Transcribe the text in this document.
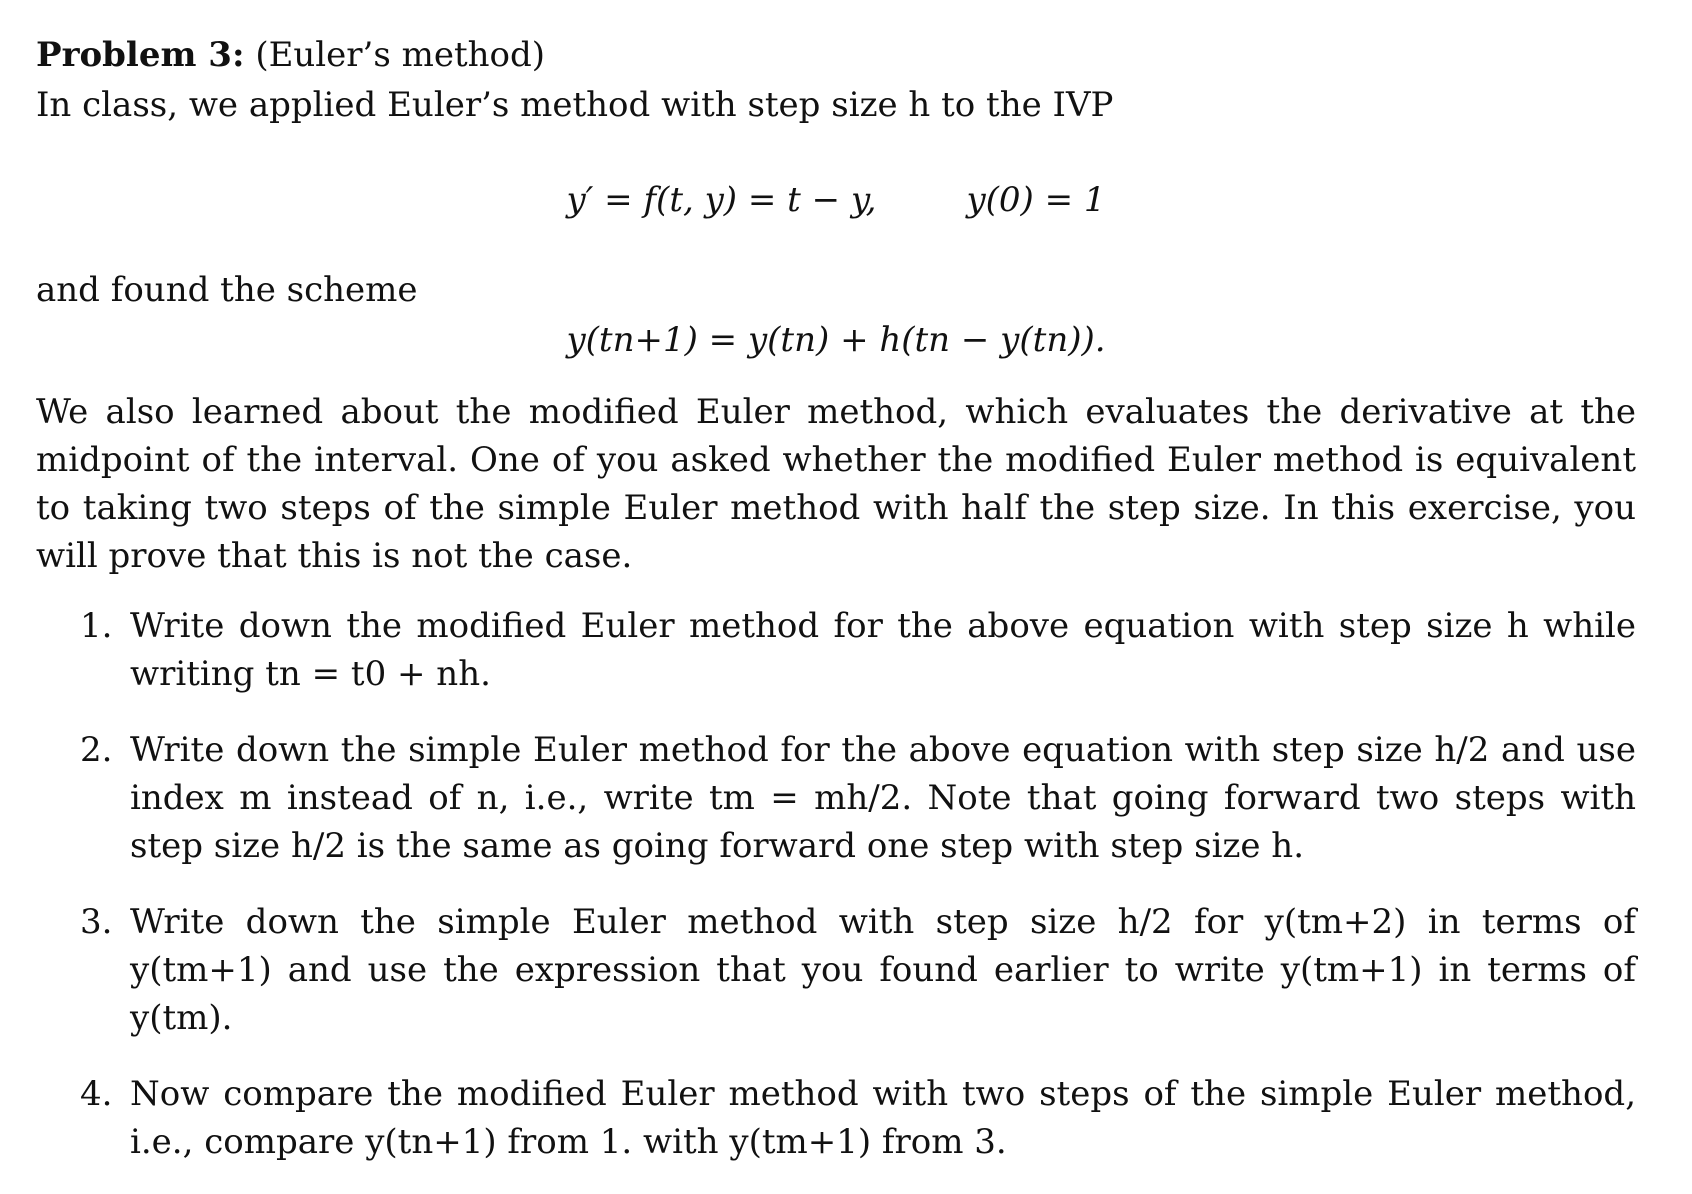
Problem 3: (Euler’s method)

In class, we applied Euler’s method with step size h to the IVP

y′ = f(t, y) = t − y,	y(0) = 1

and found the scheme

y(tn+1) = y(tn) + h(tn − y(tn)).

We also learned about the modified Euler method, which evaluates the derivative at the midpoint of the interval. One of you asked whether the modified Euler method is equivalent to taking two steps of the simple Euler method with half the step size. In this exercise, you will prove that this is not the case.

1. Write down the modified Euler method for the above equation with step size h while writing tn = t0 + nh.
2. Write down the simple Euler method for the above equation with step size h/2 and use index m instead of n, i.e., write tm = mh/2. Note that going forward two steps with step size h/2 is the same as going forward one step with step size h.
3. Write down the simple Euler method with step size h/2 for y(tm+2) in terms of y(tm+1) and use the expression that you found earlier to write y(tm+1) in terms of y(tm).
4. Now compare the modified Euler method with two steps of the simple Euler method, i.e., compare y(tn+1) from 1. with y(tm+1) from 3.
